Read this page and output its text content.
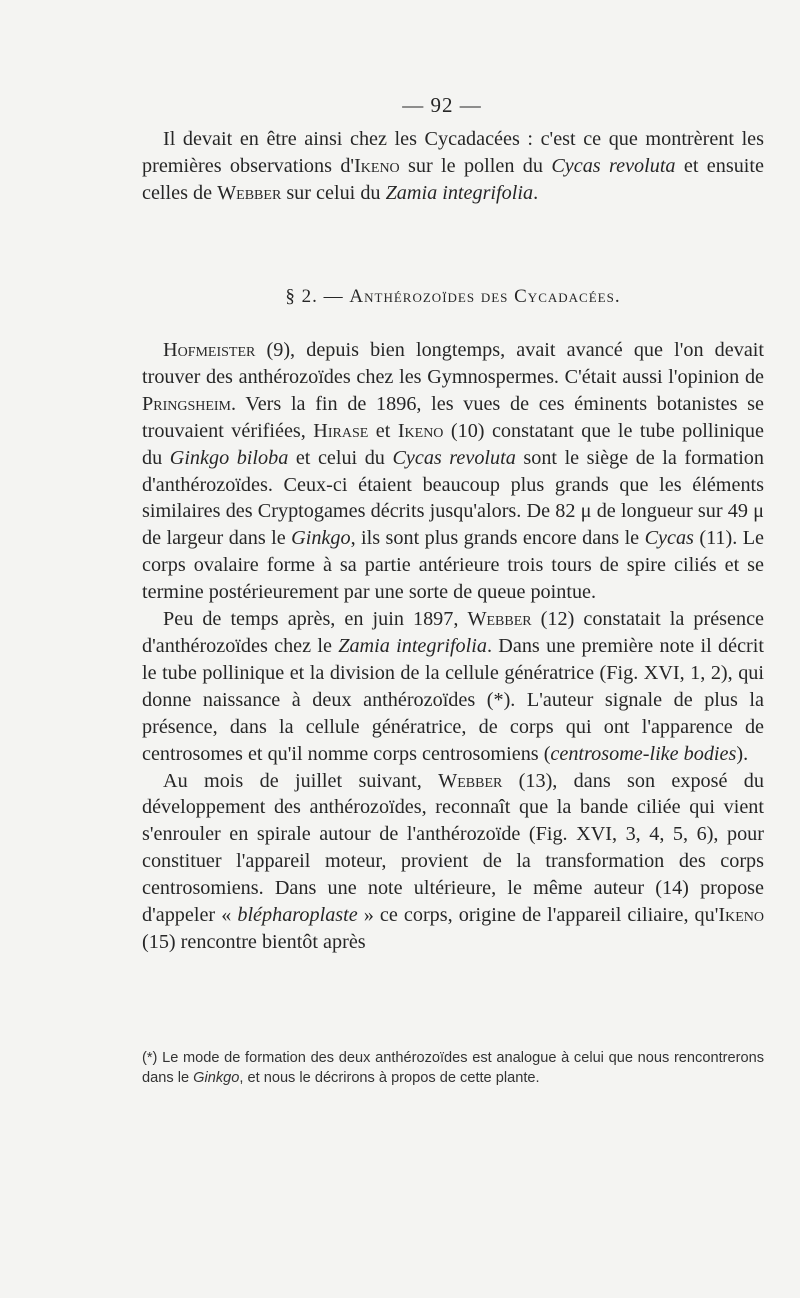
— 92 —

Il devait en être ainsi chez les Cycadacées : c'est ce que montrèrent les premières observations d'Ikeno sur le pollen du Cycas revoluta et ensuite celles de Webber sur celui du Zamia integrifolia.

§ 2. — Anthérozoïdes des Cycadacées.

Hofmeister (9), depuis bien longtemps, avait avancé que l'on devait trouver des anthérozoïdes chez les Gymnospermes. C'était aussi l'opinion de Pringsheim. Vers la fin de 1896, les vues de ces éminents botanistes se trouvaient vérifiées, Hirase et Ikeno (10) constatant que le tube pollinique du Ginkgo biloba et celui du Cycas revoluta sont le siège de la formation d'anthérozoïdes. Ceux-ci étaient beaucoup plus grands que les éléments similaires des Cryptogames décrits jusqu'alors. De 82 μ de longueur sur 49 μ de largeur dans le Ginkgo, ils sont plus grands encore dans le Cycas (11). Le corps ovalaire forme à sa partie antérieure trois tours de spire ciliés et se termine postérieurement par une sorte de queue pointue.

Peu de temps après, en juin 1897, Webber (12) constatait la présence d'anthérozoïdes chez le Zamia integrifolia. Dans une première note il décrit le tube pollinique et la division de la cellule génératrice (Fig. XVI, 1, 2), qui donne naissance à deux anthérozoïdes (*). L'auteur signale de plus la présence, dans la cellule génératrice, de corps qui ont l'apparence de centrosomes et qu'il nomme corps centrosomiens (centrosome-like bodies).

Au mois de juillet suivant, Webber (13), dans son exposé du développement des anthérozoïdes, reconnaît que la bande ciliée qui vient s'enrouler en spirale autour de l'anthérozoïde (Fig. XVI, 3, 4, 5, 6), pour constituer l'appareil moteur, provient de la transformation des corps centrosomiens. Dans une note ultérieure, le même auteur (14) propose d'appeler « blépharoplaste » ce corps, origine de l'appareil ciliaire, qu'Ikeno (15) rencontre bientôt après

(*) Le mode de formation des deux anthérozoïdes est analogue à celui que nous rencontrerons dans le Ginkgo, et nous le décrirons à propos de cette plante.
